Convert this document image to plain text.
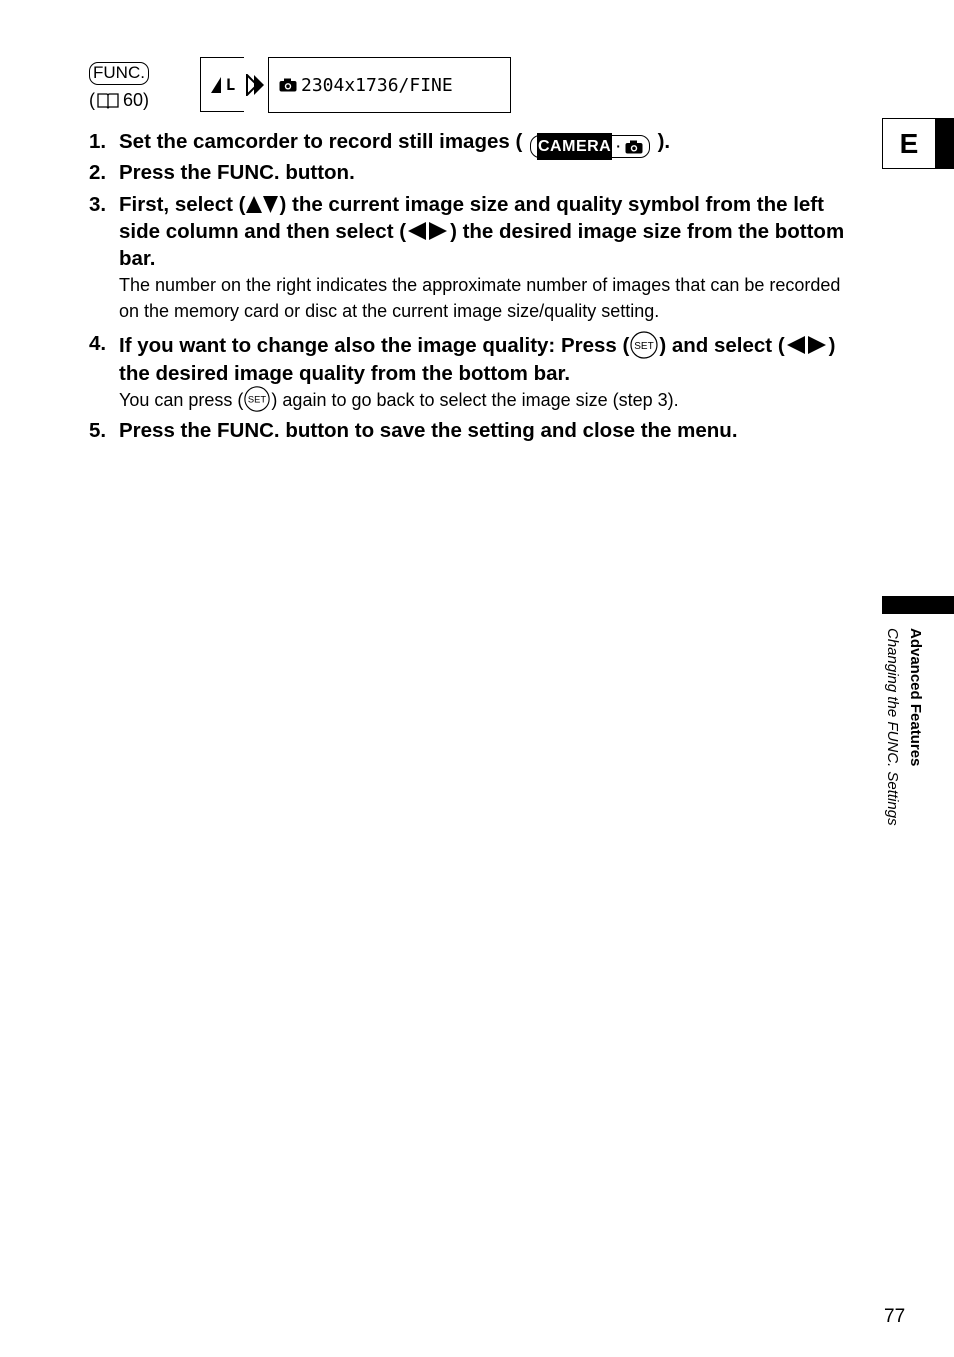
FUNC.
( 60)
L	2304x1736/FINE
E
1. Set the camcorder to record still images ( CAMERA · ).
2. Press the FUNC. button.
3. First, select ( ) the current image size and quality symbol from the left side column and then select ( ) the desired image size from the bottom bar.
The number on the right indicates the approximate number of images that can be recorded on the memory card or disc at the current image size/quality setting.
4. If you want to change also the image quality: Press ( SET ) and select ( ) the desired image quality from the bottom bar.
You can press ( SET ) again to go back to select the image size (step 3).
5. Press the FUNC. button to save the setting and close the menu.
Advanced Features
Changing the FUNC. Settings
77
